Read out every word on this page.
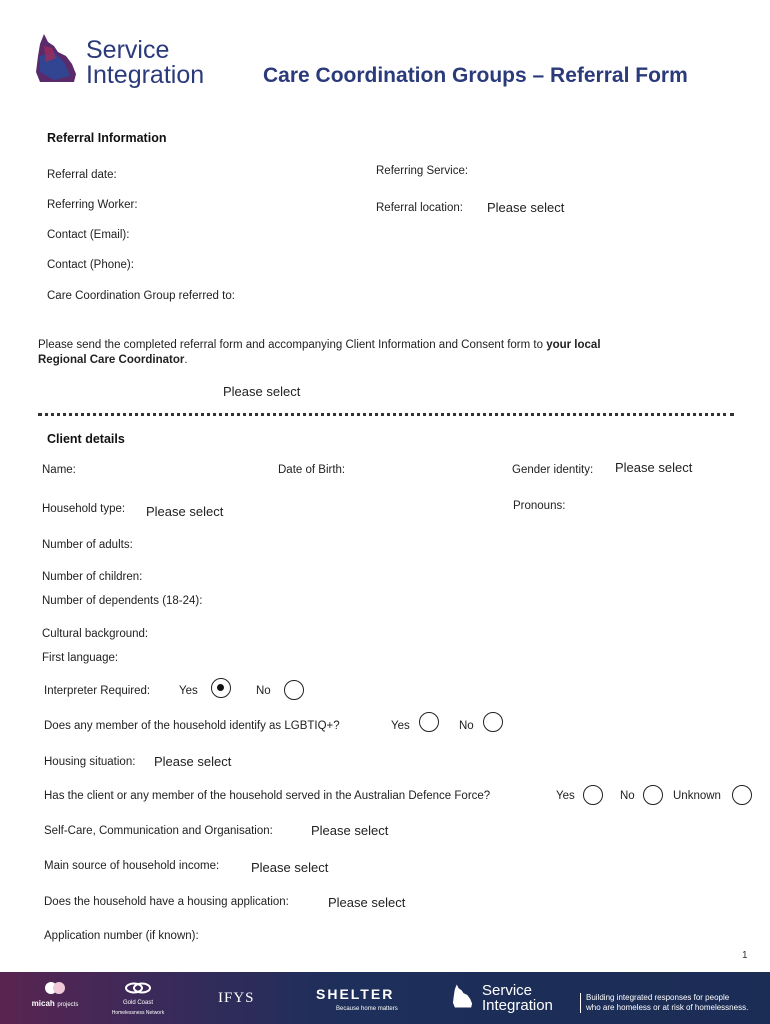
Service
Integration	Care Coordination Groups – Referral Form
Referral Information
Referral date:	Referring Service:
Referring Worker:	Referral location: Please select
Contact (Email):
Contact (Phone):
Care Coordination Group referred to:
Please send the completed referral form and accompanying Client Information and Consent form to your local
Regional Care Coordinator.
Please select
Client details
Name:	Date of Birth:	Gender identity: Please select
Household type: Please select	Pronouns:
Number of adults:
Number of children:
Number of dependents (18-24):
Cultural background:
First language:
Interpreter Required:	Yes	No
Does any member of the household identify as LGBTIQ+?	Yes	No
Housing situation: Please select
Has the client or any member of the household served in the Australian Defence Force?	Yes	No	Unknown
Self-Care, Communication and Organisation:	Please select
Main source of household income: Please select
Does the household have a housing application:	Please select
Application number (if known):
1

micah projects	Gold Coast
Homelessness Network
IFYS	SHELTER
Because home matters
Service
Integration	Building integrated responses for people
who are homeless or at risk of homelessness.
